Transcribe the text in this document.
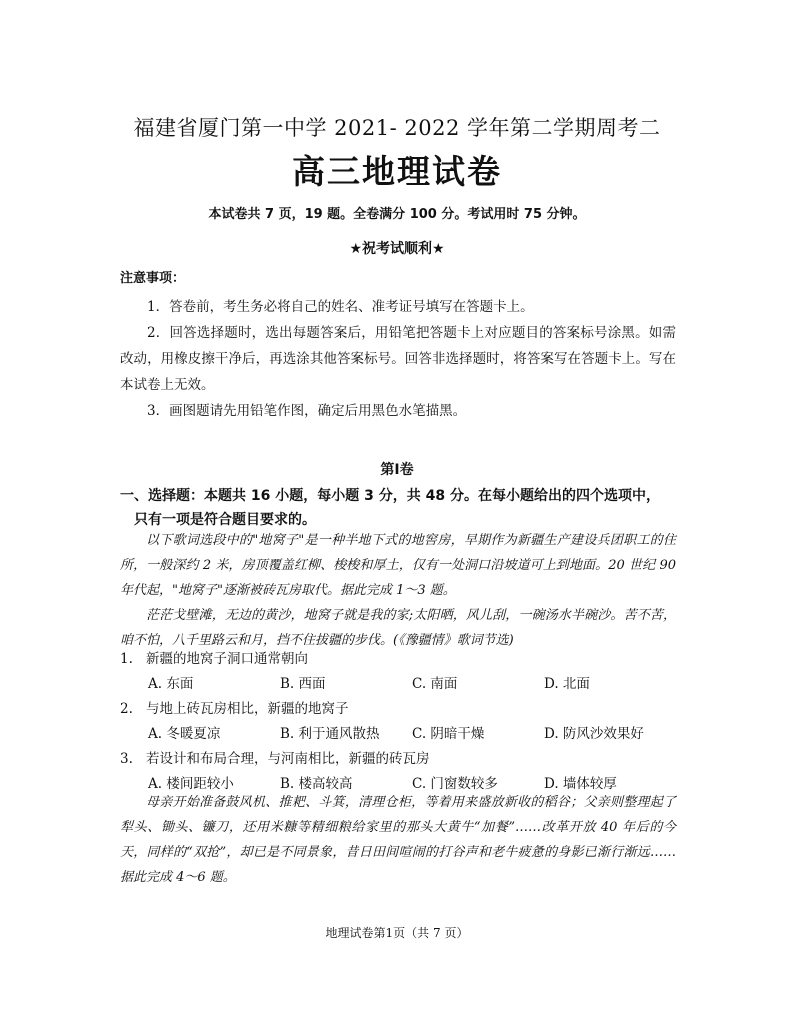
福建省厦门第一中学 2021- 2022 学年第二学期周考二
高三地理试卷
本试卷共 7 页，19 题。全卷满分 100 分。考试用时 75 分钟。
★祝考试顺利★
注意事项：

1．答卷前，考生务必将自己的姓名、准考证号填写在答题卡上。

2．回答选择题时，选出每题答案后，用铅笔把答题卡上对应题目的答案标号涂黑。如需改动，用橡皮擦干净后，再选涂其他答案标号。回答非选择题时，将答案写在答题卡上。写在本试卷上无效。

3．画图题请先用铅笔作图，确定后用黑色水笔描黑。

第Ⅰ卷
一、选择题：本题共 16 小题，每小题 3 分，共 48 分。在每小题给出的四个选项中，
只有一项是符合题目要求的。

以下歌词选段中的"地窝子"是一种半地下式的地窖房，早期作为新疆生产建设兵团职工的住所，一般深约 2 米，房顶覆盖红柳、梭梭和厚土，仅有一处洞口沿坡道可上到地面。20 世纪 90 年代起，"地窝子"逐渐被砖瓦房取代。据此完成 1～3 题。

茫茫戈壁滩，无边的黄沙，地窝子就是我的家;太阳晒，风儿刮，一碗汤水半碗沙。苦不苦，咱不怕，八千里路云和月，挡不住拔疆的步伐。(《豫疆情》歌词节选)

1. 新疆的地窝子洞口通常朝向

A. 东面	B. 西面	C. 南面	D. 北面

2. 与地上砖瓦房相比，新疆的地窝子

A. 冬暖夏凉	B. 利于通风散热	C. 阴暗干燥	D. 防风沙效果好

3. 若设计和布局合理，与河南相比，新疆的砖瓦房

A. 楼间距较小	B. 楼高较高	C. 门窗数较多	D. 墙体较厚

母亲开始准备鼓风机、推耙、斗箕，清理仓柜，等着用来盛放新收的稻谷；父亲则整理起了犁头、锄头、镰刀，还用米糠等精细粮给家里的那头大黄牛“加餐”……改革开放 40 年后的今天，同样的“双抢”，却已是不同景象，昔日田间喧闹的打谷声和老牛疲惫的身影已渐行渐远……据此完成 4～6 题。

地理试卷第1页（共 7 页）
